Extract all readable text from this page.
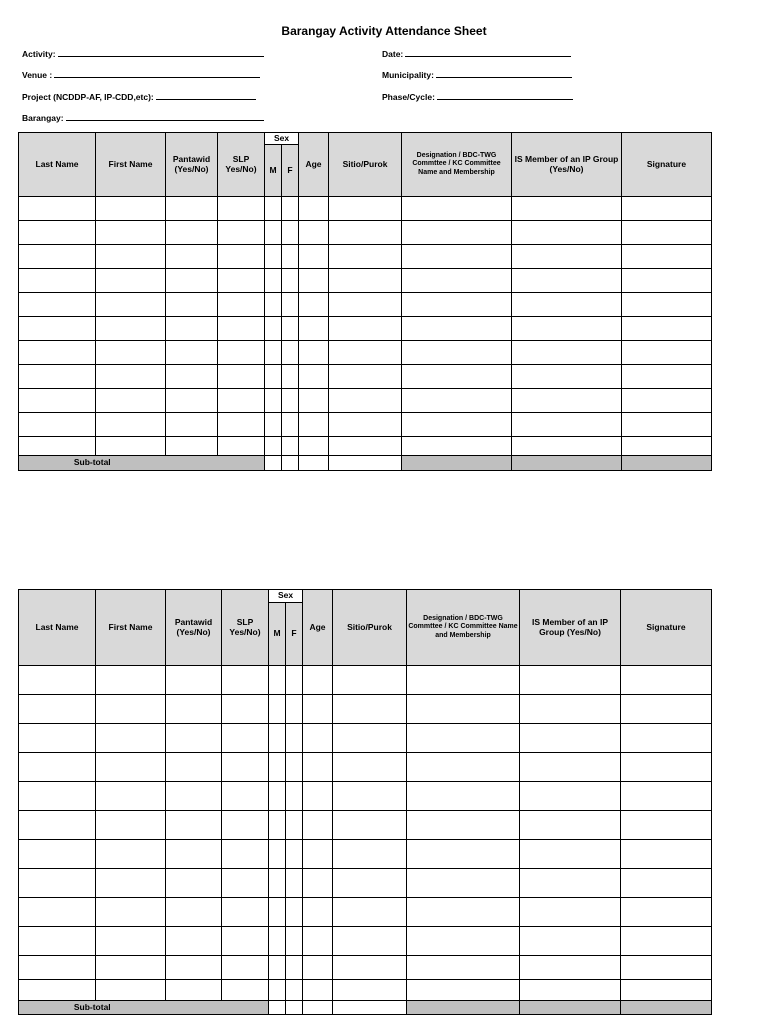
Barangay Activity Attendance Sheet
Activity:
Venue :
Project (NCDDP-AF, IP-CDD,etc):
Barangay:
Date:
Municipality:
Phase/Cycle:
Last Name	First Name	Pantawid (Yes/No)	SLP Yes/No)	Sex		Age	Sitio/Purok	Designation / BDC-TWG Commttee / KC Committee Name and Membership	IS Member of an IP Group (Yes/No)	Signature
				M	F					

Sub-total										
Last Name	First Name	Pantawid (Yes/No)	SLP Yes/No)	Sex		Age	Sitio/Purok	Designation / BDC-TWG Commttee / KC Committee Name and Membership	IS Member of an IP Group (Yes/No)	Signature
				M	F					

Sub-total										
